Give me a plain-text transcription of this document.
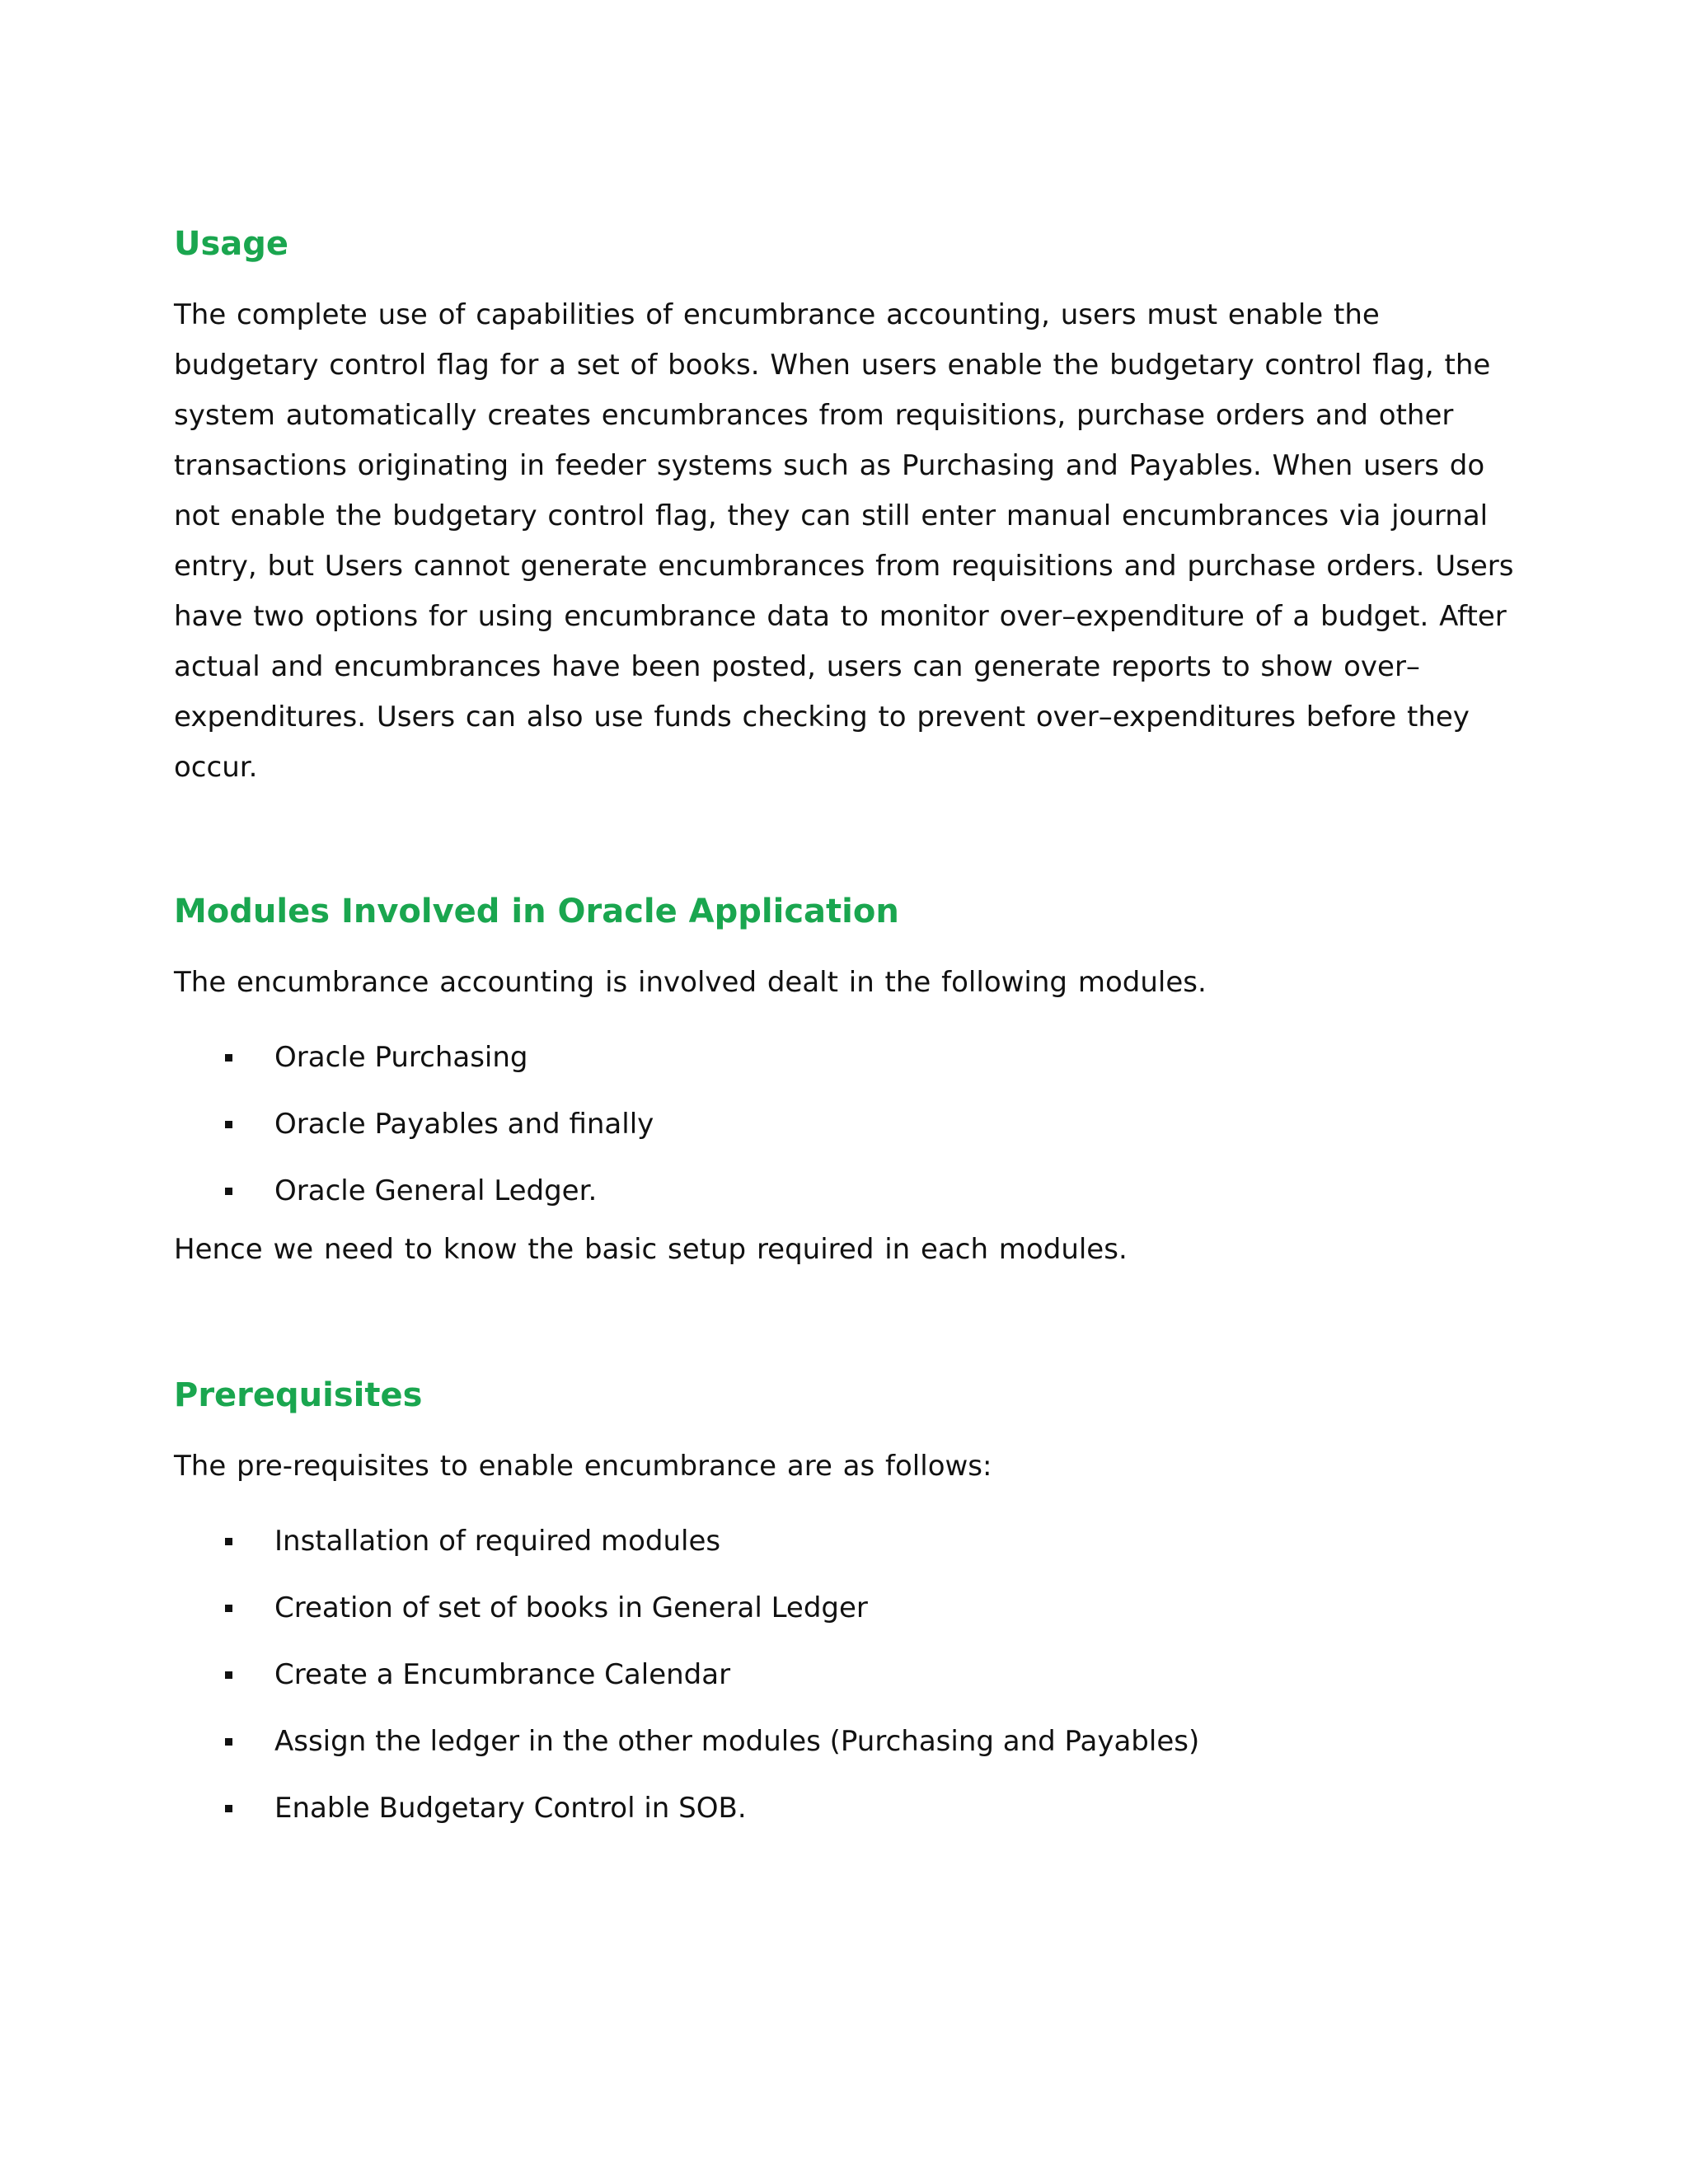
Usage

The complete use of capabilities of encumbrance accounting, users must enable the budgetary control flag for a set of books. When users enable the budgetary control flag, the system automatically creates encumbrances from requisitions, purchase orders and other transactions originating in feeder systems such as Purchasing and Payables. When users do not enable the budgetary control flag, they can still enter manual encumbrances via journal entry, but Users cannot generate encumbrances from requisitions and purchase orders. Users have two options for using encumbrance data to monitor over–expenditure of a budget. After actual and encumbrances have been posted, users can generate reports to show over–expenditures. Users can also use funds checking to prevent over–expenditures before they occur.

Modules Involved in Oracle Application

The encumbrance accounting is involved dealt in the following modules.

Oracle Purchasing
Oracle Payables and finally
Oracle General Ledger.

Hence we need to know the basic setup required in each modules.

Prerequisites

The pre-requisites to enable encumbrance are as follows:

Installation of required modules
Creation of set of books in General Ledger
Create a Encumbrance Calendar
Assign the ledger in the other modules (Purchasing and Payables)
Enable Budgetary Control in SOB.
